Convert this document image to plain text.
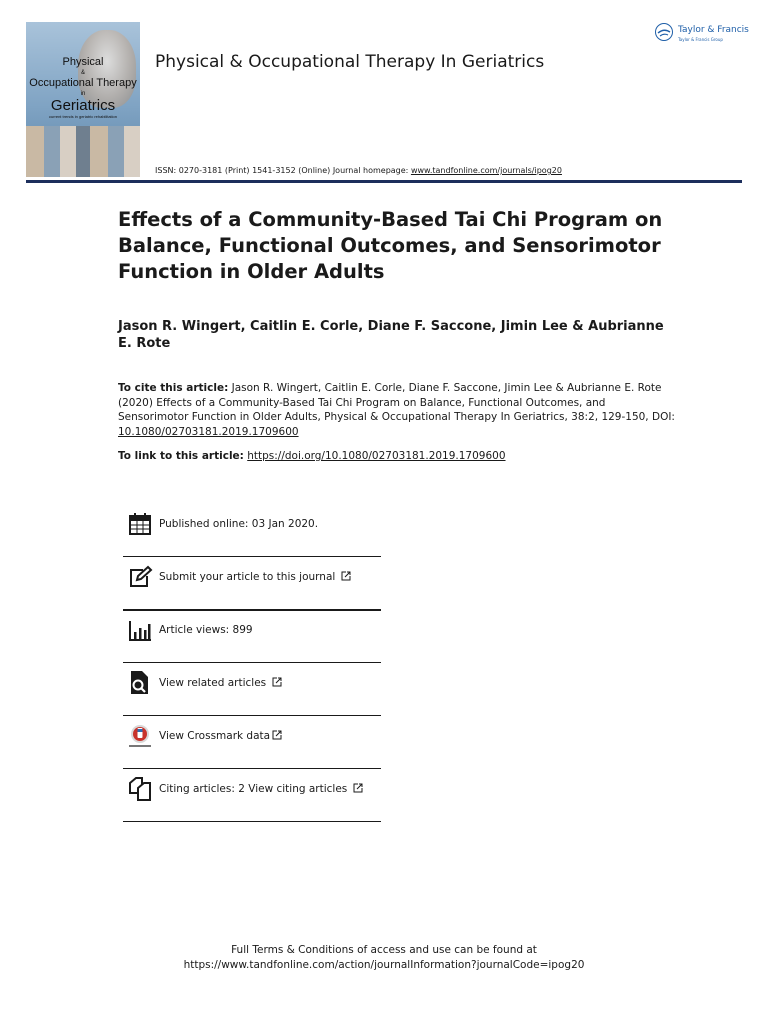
Physical
&
Occupational Therapy
in
Geriatrics
current trends in geriatric rehabilitation
Physical & Occupational Therapy In Geriatrics
Taylor & Francis
Taylor & Francis Group
ISSN: 0270-3181 (Print) 1541-3152 (Online) Journal homepage: www.tandfonline.com/journals/ipog20
Effects of a Community-Based Tai Chi Program on Balance, Functional Outcomes, and Sensorimotor Function in Older Adults
Jason R. Wingert, Caitlin E. Corle, Diane F. Saccone, Jimin Lee & Aubrianne E. Rote
To cite this article: Jason R. Wingert, Caitlin E. Corle, Diane F. Saccone, Jimin Lee & Aubrianne E. Rote (2020) Effects of a Community-Based Tai Chi Program on Balance, Functional Outcomes, and Sensorimotor Function in Older Adults, Physical & Occupational Therapy In Geriatrics, 38:2, 129-150, DOI: 10.1080/02703181.2019.1709600
To link to this article: https://doi.org/10.1080/02703181.2019.1709600
Published online: 03 Jan 2020.
Submit your article to this journal
Article views: 899
View related articles
View Crossmark data
Citing articles: 2 View citing articles
Full Terms & Conditions of access and use can be found at
https://www.tandfonline.com/action/journalInformation?journalCode=ipog20
